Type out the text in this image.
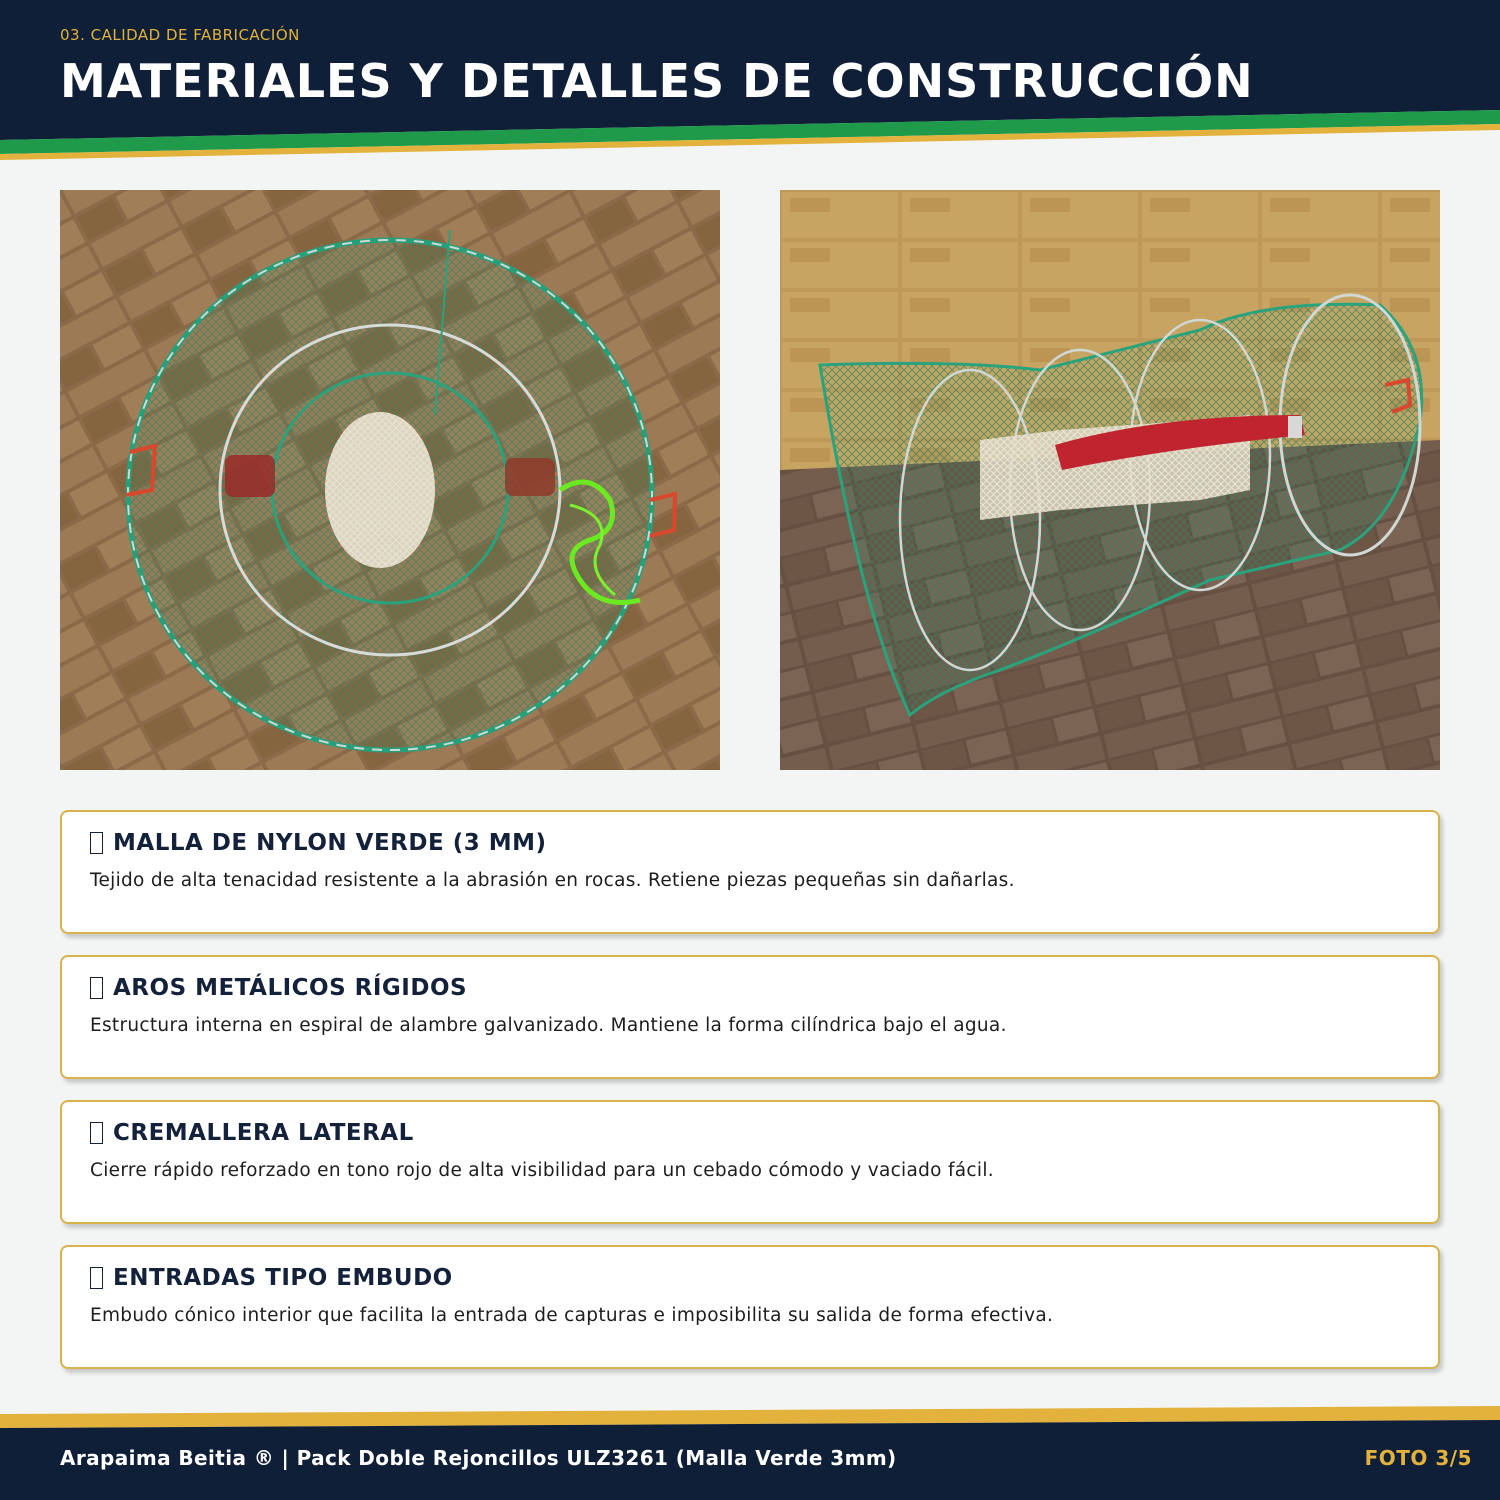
03. CALIDAD DE FABRICACIÓN
MATERIALES Y DETALLES DE CONSTRUCCIÓN
MALLA DE NYLON VERDE (3 MM)
Tejido de alta tenacidad resistente a la abrasión en rocas. Retiene piezas pequeñas sin dañarlas.
AROS METÁLICOS RÍGIDOS
Estructura interna en espiral de alambre galvanizado. Mantiene la forma cilíndrica bajo el agua.
CREMALLERA LATERAL
Cierre rápido reforzado en tono rojo de alta visibilidad para un cebado cómodo y vaciado fácil.
ENTRADAS TIPO EMBUDO
Embudo cónico interior que facilita la entrada de capturas e imposibilita su salida de forma efectiva.
Arapaima Beitia ® | Pack Doble Rejoncillos ULZ3261 (Malla Verde 3mm)	FOTO 3/5
